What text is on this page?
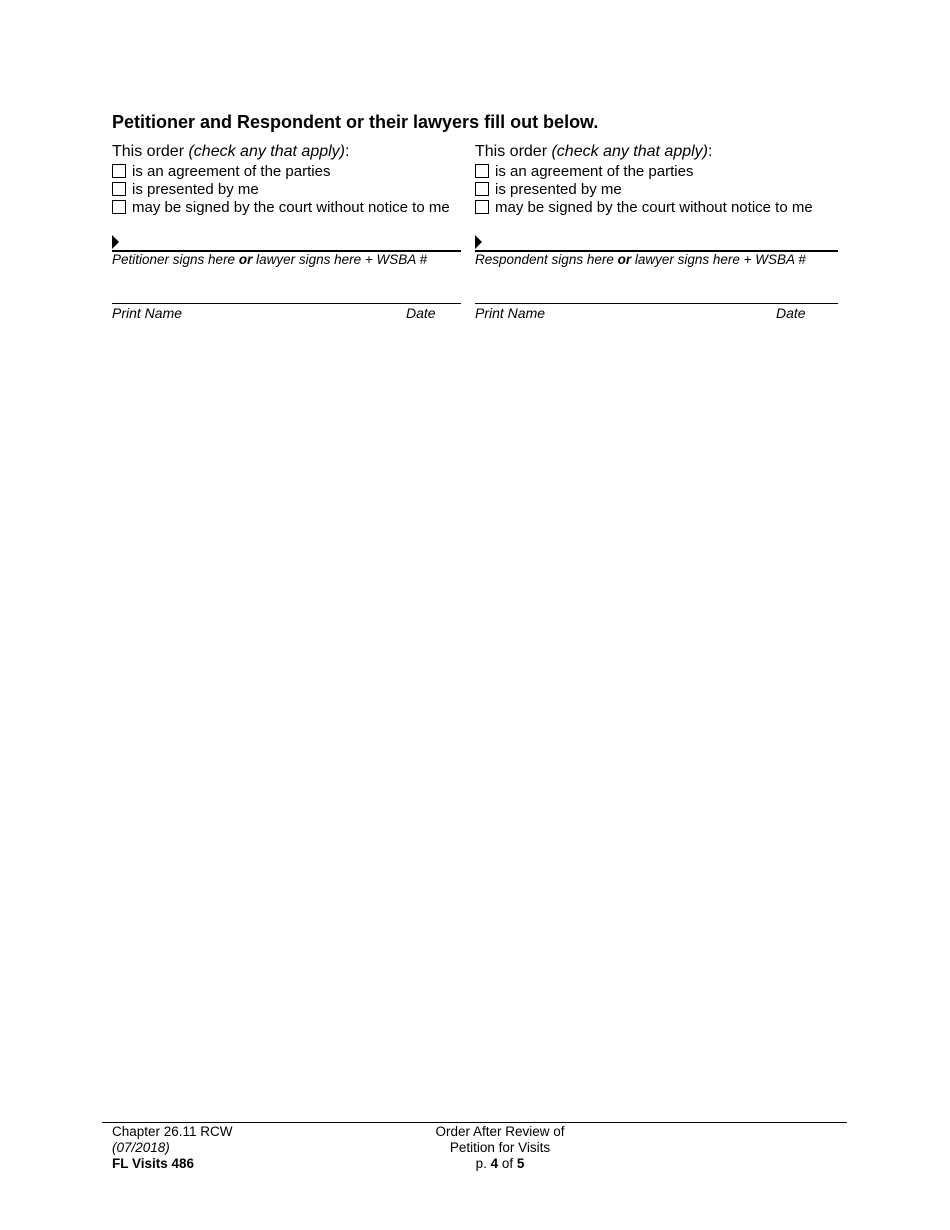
Petitioner and Respondent or their lawyers fill out below.
This order (check any that apply):
is an agreement of the parties
is presented by me
may be signed by the court without notice to me
Petitioner signs here or lawyer signs here + WSBA #
Print Name	Date
This order (check any that apply):
is an agreement of the parties
is presented by me
may be signed by the court without notice to me
Respondent signs here or lawyer signs here + WSBA #
Print Name	Date
Chapter 26.11 RCW
(07/2018)
FL Visits 486
Order After Review of
Petition for Visits
p. 4 of 5
